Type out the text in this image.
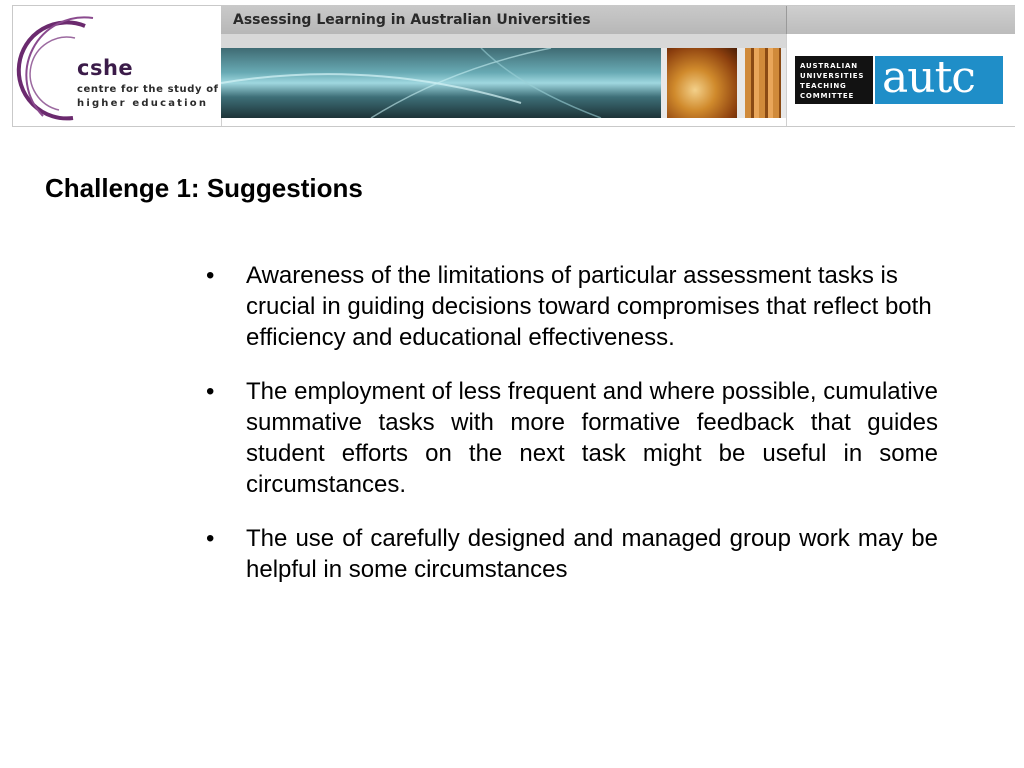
cshe
centre for the study of
higher education
Assessing Learning in Australian Universities
AUSTRALIAN
UNIVERSITIES
TEACHING
COMMITTEE autc
Challenge 1: Suggestions
• Awareness of the limitations of particular assessment tasks is crucial in guiding decisions toward compromises that reflect both efficiency and educational effectiveness.
• The employment of less frequent and where possible, cumulative summative tasks with more formative feedback that guides student efforts on the next task might be useful in some circumstances.
• The use of carefully designed and managed group work may be helpful in some circumstances
